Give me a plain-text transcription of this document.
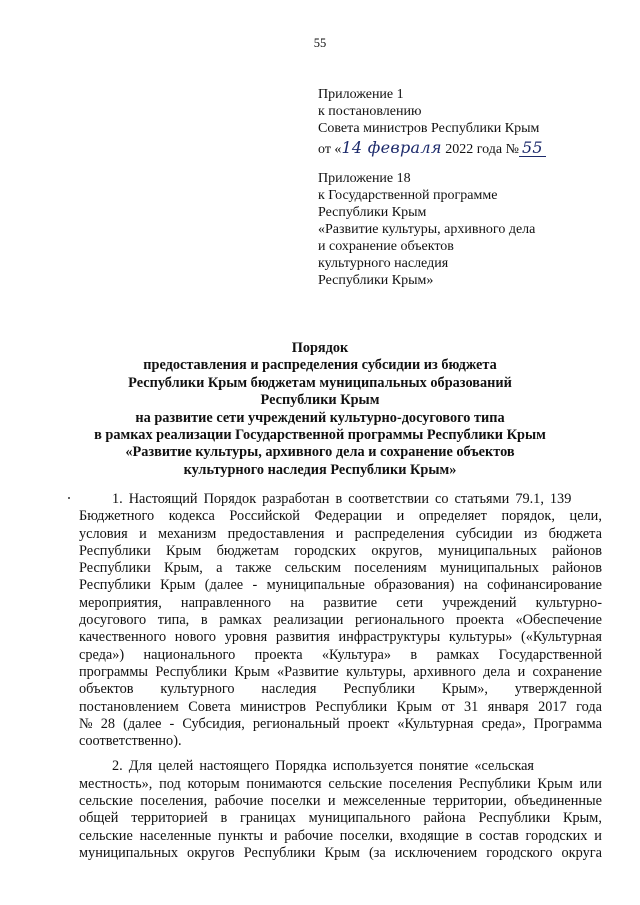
55
Приложение 1
к постановлению
Совета министров Республики Крым
от «14 февраля 2022 года № 55
Приложение 18
к Государственной программе
Республики Крым
«Развитие культуры, архивного дела
и сохранение объектов
культурного наследия
Республики Крым»
Порядок
предоставления и распределения субсидии из бюджета
Республики Крым бюджетам муниципальных образований
Республики Крым
на развитие сети учреждений культурно-досугового типа
в рамках реализации Государственной программы Республики Крым
«Развитие культуры, архивного дела и сохранение объектов
культурного наследия Республики Крым»
1. Настоящий Порядок разработан в соответствии со статьями 79.1, 139
Бюджетного кодекса Российской Федерации и определяет порядок, цели,
условия и механизм предоставления и распределения субсидии из бюджета
Республики Крым бюджетам городских округов, муниципальных районов
Республики Крым, а также сельским поселениям муниципальных районов
Республики Крым (далее - муниципальные образования) на софинансирование
мероприятия, направленного на развитие сети учреждений культурно-
досугового типа, в рамках реализации регионального проекта «Обеспечение
качественного нового уровня развития инфраструктуры культуры» («Культурная
среда») национального проекта «Культура» в рамках Государственной
программы Республики Крым «Развитие культуры, архивного дела и сохранение
объектов культурного наследия Республики Крым», утвержденной
постановлением Совета министров Республики Крым от 31 января 2017 года
№ 28 (далее - Субсидия, региональный проект «Культурная среда», Программа
соответственно).
2. Для целей настоящего Порядка используется понятие «сельская
местность», под которым понимаются сельские поселения Республики Крым или
сельские поселения, рабочие поселки и межселенные территории, объединенные
общей территорией в границах муниципального района Республики Крым,
сельские населенные пункты и рабочие поселки, входящие в состав городских и
муниципальных округов Республики Крым (за исключением городского округа
